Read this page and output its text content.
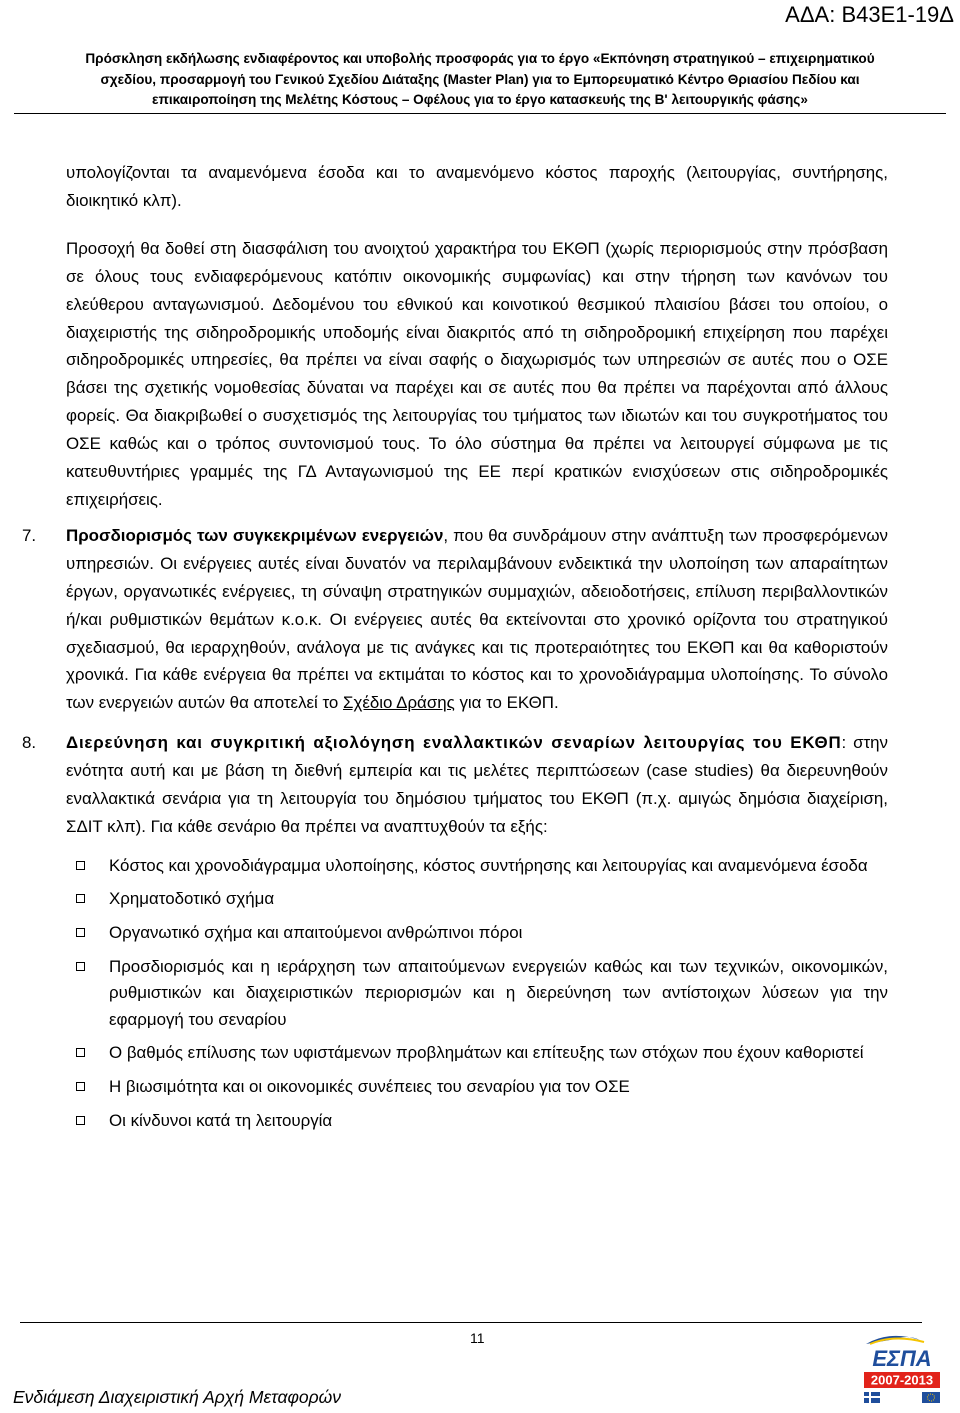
ΑΔΑ: Β43Ε1-19Δ
Πρόσκληση εκδήλωσης ενδιαφέροντος και υποβολής προσφοράς για το έργο «Εκπόνηση στρατηγικού – επιχειρηματικού
σχεδίου, προσαρμογή του Γενικού Σχεδίου Διάταξης (Master Plan) για το Εμπορευματικό Κέντρο Θριασίου Πεδίου και
επικαιροποίηση της Μελέτης Κόστους – Οφέλους για το έργο κατασκευής της Β' λειτουργικής φάσης»

υπολογίζονται τα αναμενόμενα έσοδα και το αναμενόμενο κόστος παροχής (λειτουργίας, συντήρησης, διοικητικό κλπ).

Προσοχή θα δοθεί στη διασφάλιση του ανοιχτού χαρακτήρα του ΕΚΘΠ (χωρίς περιορισμούς στην πρόσβαση σε όλους τους ενδιαφερόμενους κατόπιν οικονομικής συμφωνίας) και στην τήρηση των κανόνων του ελεύθερου ανταγωνισμού. Δεδομένου του εθνικού και κοινοτικού θεσμικού πλαισίου βάσει του οποίου, ο διαχειριστής της σιδηροδρομικής υποδομής είναι διακριτός από τη σιδηροδρομική επιχείρηση που παρέχει σιδηροδρομικές υπηρεσίες, θα πρέπει να είναι σαφής ο διαχωρισμός των υπηρεσιών σε αυτές που ο ΟΣΕ βάσει της σχετικής νομοθεσίας δύναται να παρέχει και σε αυτές που θα πρέπει να παρέχονται από άλλους φορείς. Θα διακριβωθεί ο συσχετισμός της λειτουργίας του τμήματος των ιδιωτών και του συγκροτήματος του ΟΣΕ καθώς και ο τρόπος συντονισμού τους. Το όλο σύστημα θα πρέπει να λειτουργεί σύμφωνα με τις κατευθυντήριες γραμμές της ΓΔ Ανταγωνισμού της ΕΕ περί κρατικών ενισχύσεων στις σιδηροδρομικές επιχειρήσεις.

7. Προσδιορισμός των συγκεκριμένων ενεργειών, που θα συνδράμουν στην ανάπτυξη των προσφερόμενων υπηρεσιών. Οι ενέργειες αυτές είναι δυνατόν να περιλαμβάνουν ενδεικτικά την υλοποίηση των απαραίτητων έργων, οργανωτικές ενέργειες, τη σύναψη στρατηγικών συμμαχιών, αδειοδοτήσεις, επίλυση περιβαλλοντικών ή/και ρυθμιστικών θεμάτων κ.ο.κ. Οι ενέργειες αυτές θα εκτείνονται στο χρονικό ορίζοντα του στρατηγικού σχεδιασμού, θα ιεραρχηθούν, ανάλογα με τις ανάγκες και τις προτεραιότητες του ΕΚΘΠ και θα καθοριστούν χρονικά. Για κάθε ενέργεια θα πρέπει να εκτιμάται το κόστος και το χρονοδιάγραμμα υλοποίησης. Το σύνολο των ενεργειών αυτών θα αποτελεί το Σχέδιο Δράσης για το ΕΚΘΠ.

8. Διερεύνηση και συγκριτική αξιολόγηση εναλλακτικών σεναρίων λειτουργίας του ΕΚΘΠ: στην ενότητα αυτή και με βάση τη διεθνή εμπειρία και τις μελέτες περιπτώσεων (case studies) θα διερευνηθούν εναλλακτικά σενάρια για τη λειτουργία του δημόσιου τμήματος του ΕΚΘΠ (π.χ. αμιγώς δημόσια διαχείριση, ΣΔΙΤ κλπ). Για κάθε σενάριο θα πρέπει να αναπτυχθούν τα εξής:

Κόστος και χρονοδιάγραμμα υλοποίησης, κόστος συντήρησης και λειτουργίας και αναμενόμενα έσοδα
Χρηματοδοτικό σχήμα
Οργανωτικό σχήμα και απαιτούμενοι ανθρώπινοι πόροι
Προσδιορισμός και η ιεράρχηση των απαιτούμενων ενεργειών καθώς και των τεχνικών, οικονομικών, ρυθμιστικών και διαχειριστικών περιορισμών και η διερεύνηση των αντίστοιχων λύσεων για την εφαρμογή του σεναρίου
Ο βαθμός επίλυσης των υφιστάμενων προβλημάτων και επίτευξης των στόχων που έχουν καθοριστεί
Η βιωσιμότητα και οι οικονομικές συνέπειες του σεναρίου για τον ΟΣΕ
Οι κίνδυνοι κατά τη λειτουργία
11
Ενδιάμεση Διαχειριστική Αρχή Μεταφορών
ΕΣΠΑ
2007-2013
